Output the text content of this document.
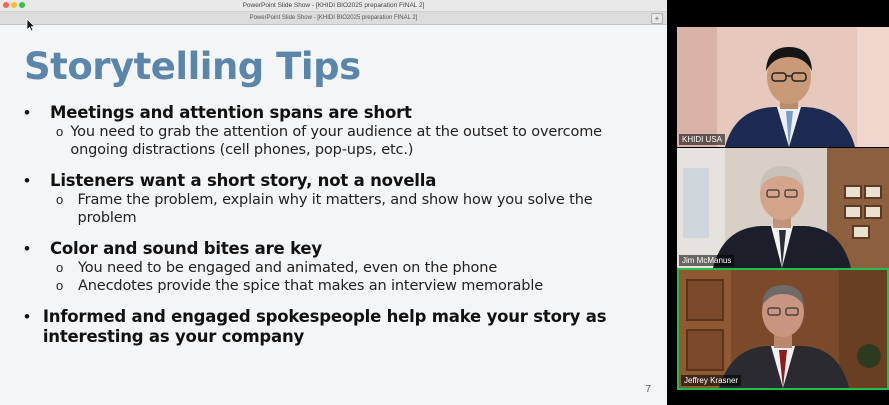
PowerPoint Slide Show - [KHIDI BIO2025 preparation FINAL 2]
PowerPoint Slide Show - [KHIDI BIO2025 preparation FINAL 2]	+
Storytelling Tips
•	Meetings and attention spans are short
o You need to grab the attention of your audience at the outset to overcome ongoing distractions (cell phones, pop-ups, etc.)
•	Listeners want a short story, not a novella
o Frame the problem, explain why it matters, and show how you solve the problem
•	Color and sound bites are key
o	You need to be engaged and animated, even on the phone
o	Anecdotes provide the spice that makes an interview memorable
• Informed and engaged spokespeople help make your story as interesting as your company
7
KHIDI USA
Jim McManus
Jeffrey Krasner
